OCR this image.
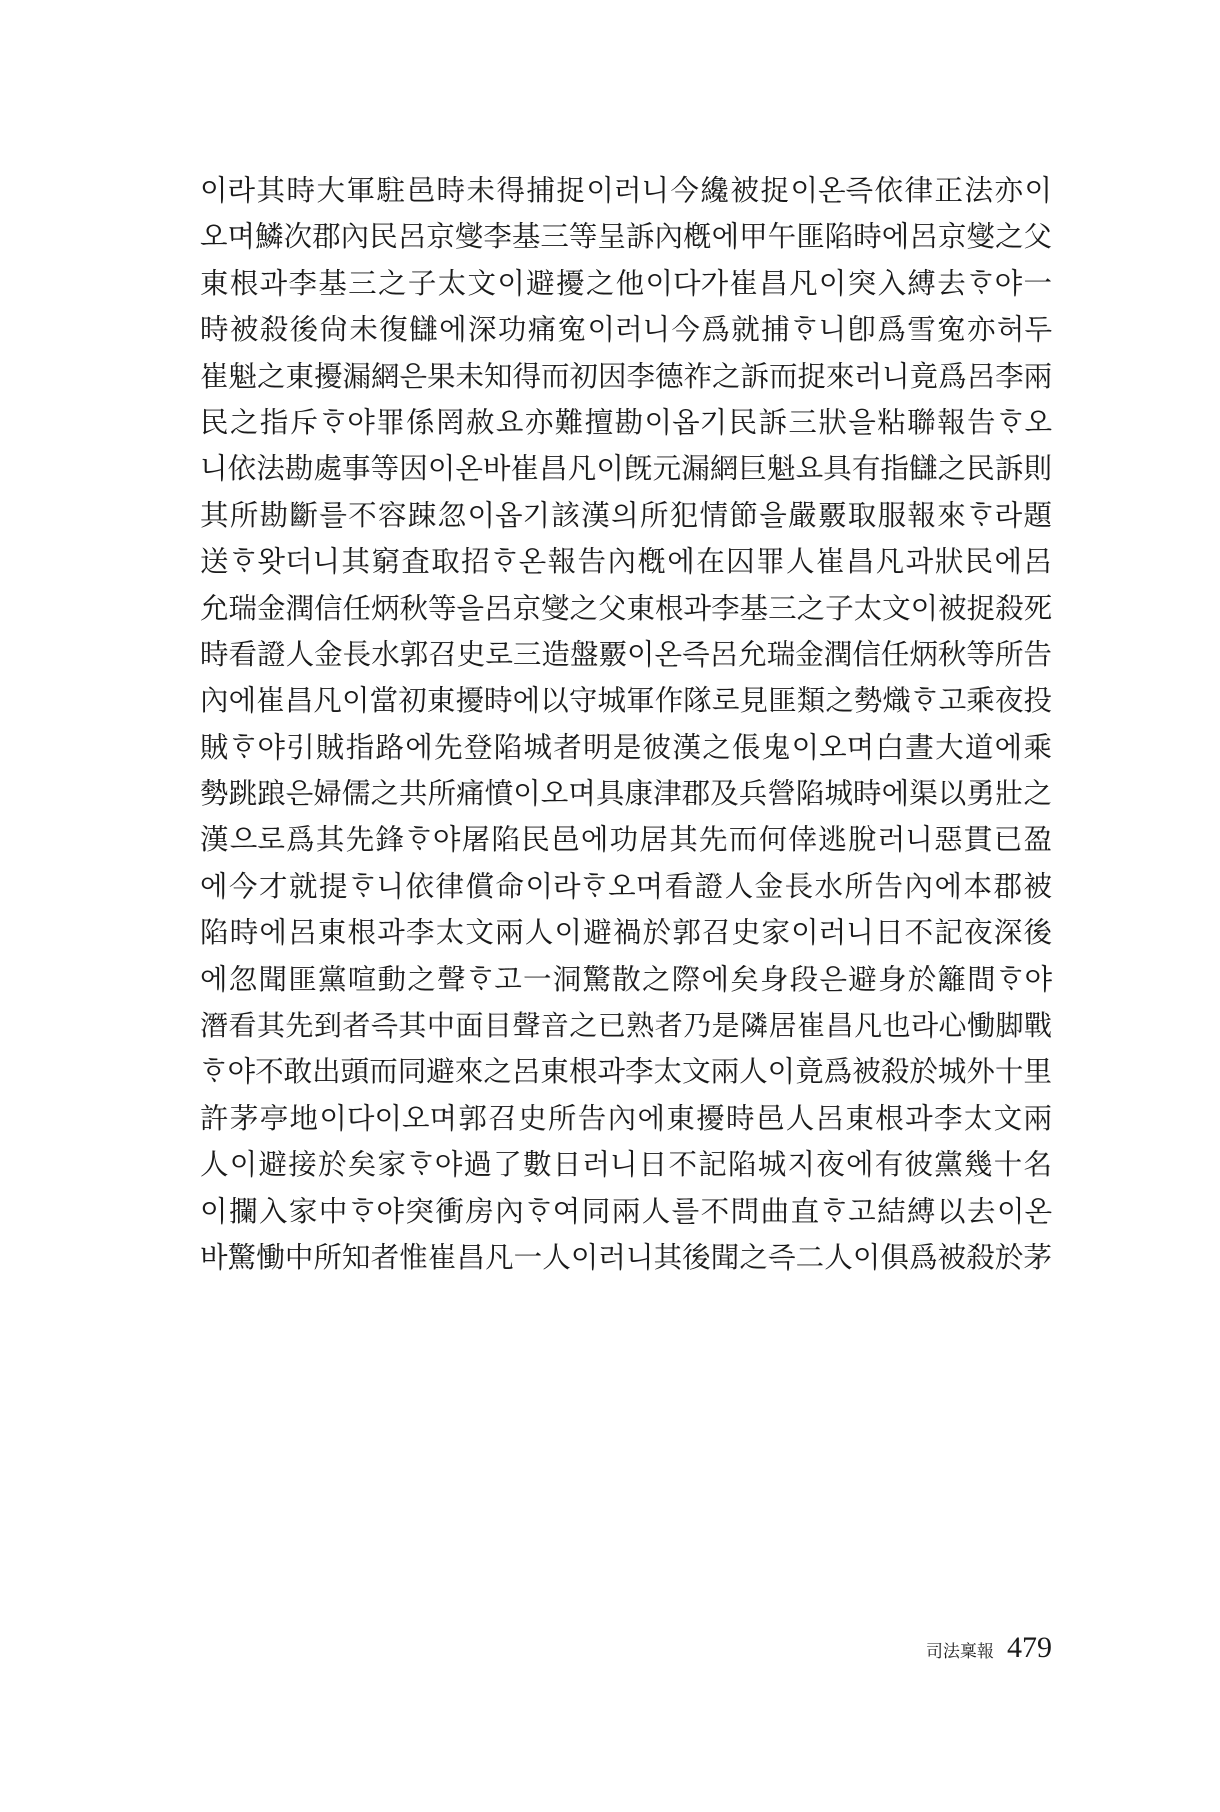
이라其時大軍駐邑時未得捕捉이러니今纔被捉이온즉依律正法亦이
오며鱗次郡內民呂京燮李基三等呈訴內槪에甲午匪陷時에呂京燮之父
東根과李基三之子太文이避擾之他이다가崔昌凡이突入縛去ᄒᆞ야一
時被殺後尙未復讎에深功痛寃이러니今爲就捕ᄒᆞ니卽爲雪寃亦허두
崔魁之東擾漏網은果未知得而初因李德祚之訴而捉來러니竟爲呂李兩
民之指斥ᄒᆞ야罪係罔赦요亦難擅勘이옵기民訴三狀을粘聯報告ᄒᆞ오
니依法勘處事等因이온바崔昌凡이旣元漏網巨魁요具有指讎之民訴則
其所勘斷를不容踈忽이옵기該漢의所犯情節을嚴覈取服報來ᄒᆞ라題
送ᄒᆞ왓더니其窮査取招ᄒᆞ온報告內槪에在囚罪人崔昌凡과狀民에呂
允瑞金潤信任炳秋等을呂京燮之父東根과李基三之子太文이被捉殺死
時看證人金長水郭召史로三造盤覈이온즉呂允瑞金潤信任炳秋等所告
內에崔昌凡이當初東擾時에以守城軍作隊로見匪類之勢熾ᄒᆞ고乘夜投
賊ᄒᆞ야引賊指路에先登陷城者明是彼漢之倀鬼이오며白晝大道에乘
勢跳踉은婦儒之共所痛憤이오며具康津郡及兵營陷城時에渠以勇壯之
漢으로爲其先鋒ᄒᆞ야屠陷民邑에功居其先而何倖逃脫러니惡貫已盈
에今才就提ᄒᆞ니依律償命이라ᄒᆞ오며看證人金長水所告內에本郡被
陷時에呂東根과李太文兩人이避禍於郭召史家이러니日不記夜深後
에忽聞匪黨喧動之聲ᄒᆞ고一洞驚散之際에矣身段은避身於籬間ᄒᆞ야
潛看其先到者즉其中面目聲音之已熟者乃是隣居崔昌凡也라心慟脚戰
ᄒᆞ야不敢出頭而同避來之呂東根과李太文兩人이竟爲被殺於城外十里
許茅亭地이다이오며郭召史所告內에東擾時邑人呂東根과李太文兩
人이避接於矣家ᄒᆞ야過了數日러니日不記陷城지夜에有彼黨幾十名
이攔入家中ᄒᆞ야突衝房內ᄒᆞ여同兩人를不問曲直ᄒᆞ고結縛以去이온
바驚慟中所知者惟崔昌凡一人이러니其後聞之즉二人이俱爲被殺於茅
司法稟報 479
